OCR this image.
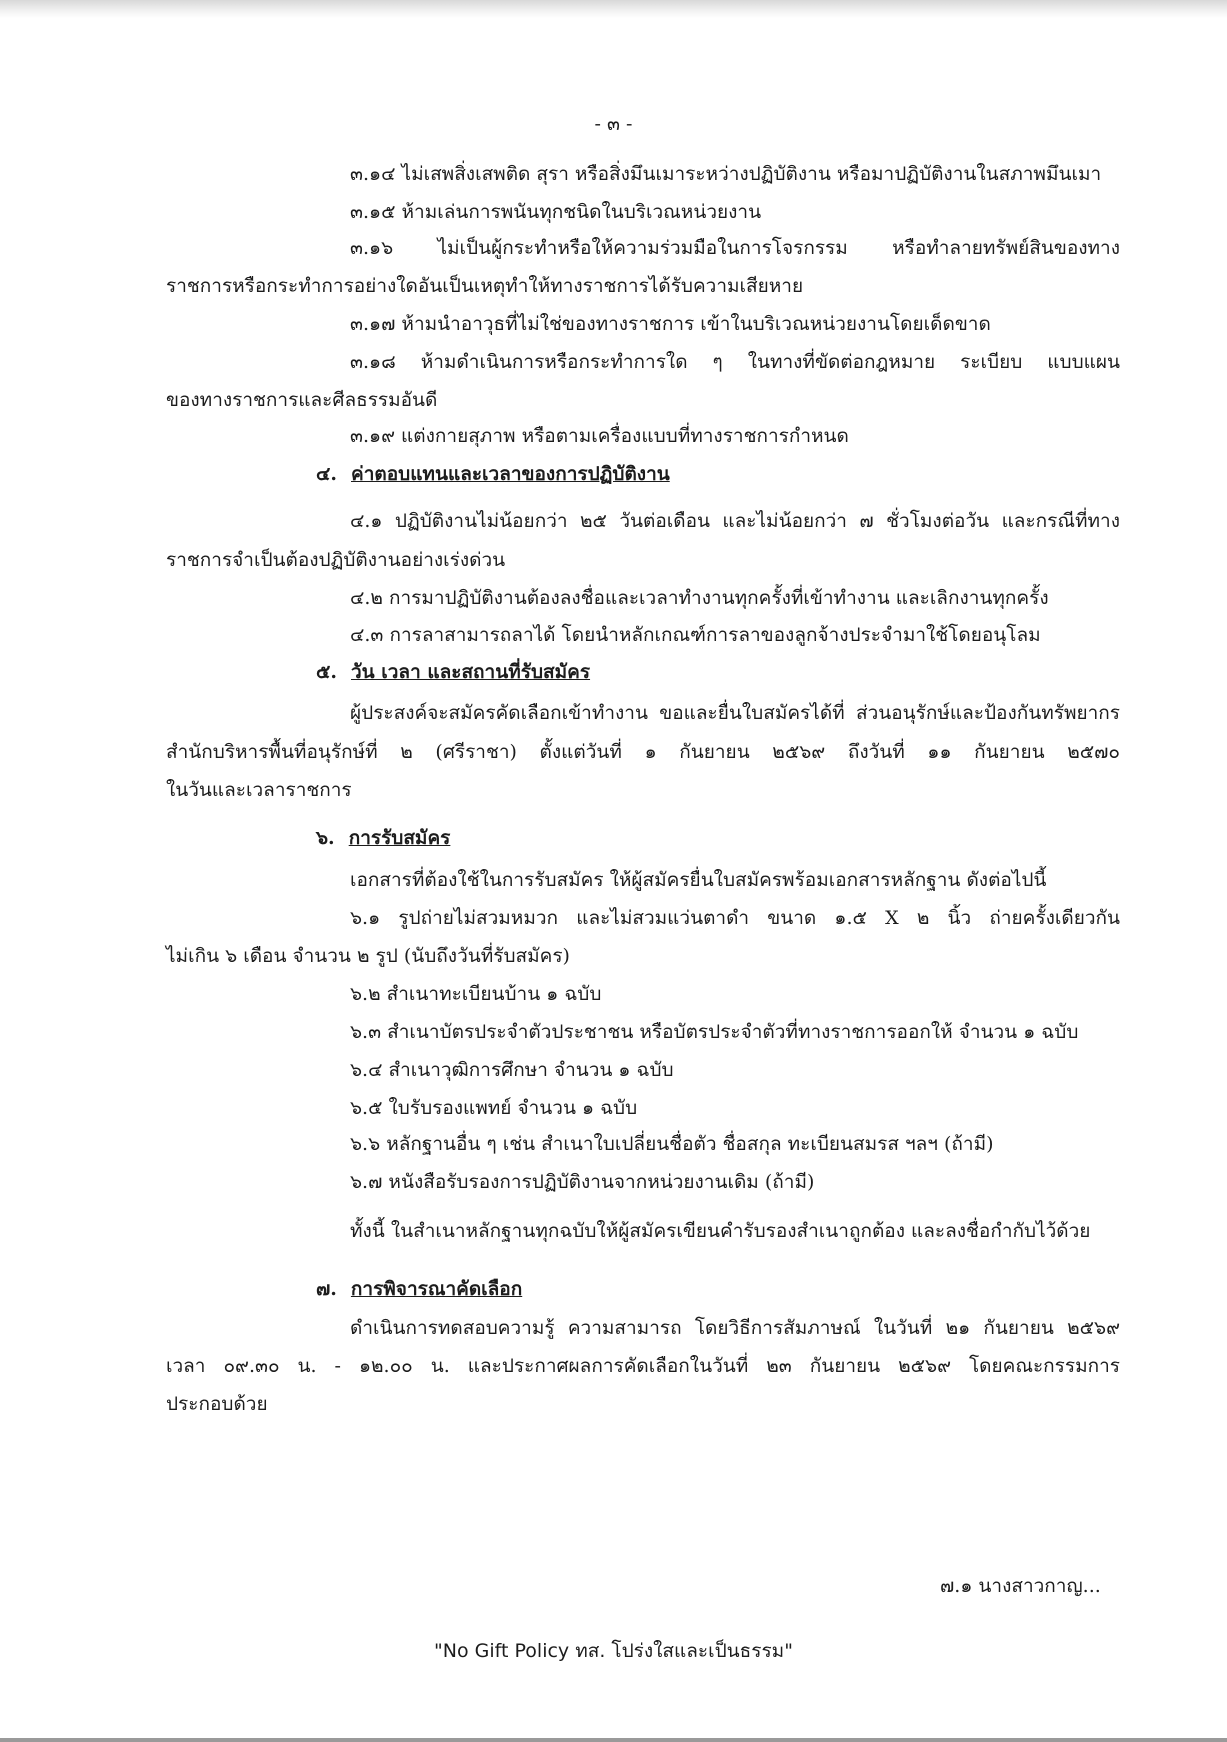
- ๓ -
๓.๑๔ ไม่เสพสิ่งเสพติด สุรา หรือสิ่งมึนเมาระหว่างปฏิบัติงาน หรือมาปฏิบัติงานในสภาพมึนเมา
๓.๑๕ ห้ามเล่นการพนันทุกชนิดในบริเวณหน่วยงาน
๓.๑๖ ไม่เป็นผู้กระทำหรือให้ความร่วมมือในการโจรกรรม หรือทำลายทรัพย์สินของทาง
ราชการหรือกระทำการอย่างใดอันเป็นเหตุทำให้ทางราชการได้รับความเสียหาย
๓.๑๗ ห้ามนำอาวุธที่ไม่ใช่ของทางราชการ เข้าในบริเวณหน่วยงานโดยเด็ดขาด
๓.๑๘ ห้ามดำเนินการหรือกระทำการใด ๆ ในทางที่ขัดต่อกฎหมาย ระเบียบ แบบแผน
ของทางราชการและศีลธรรมอันดี
๓.๑๙ แต่งกายสุภาพ หรือตามเครื่องแบบที่ทางราชการกำหนด
๔. ค่าตอบแทนและเวลาของการปฏิบัติงาน
๔.๑ ปฏิบัติงานไม่น้อยกว่า ๒๕ วันต่อเดือน และไม่น้อยกว่า ๗ ชั่วโมงต่อวัน และกรณีที่ทาง
ราชการจำเป็นต้องปฏิบัติงานอย่างเร่งด่วน
๔.๒ การมาปฏิบัติงานต้องลงชื่อและเวลาทำงานทุกครั้งที่เข้าทำงาน และเลิกงานทุกครั้ง
๔.๓ การลาสามารถลาได้ โดยนำหลักเกณฑ์การลาของลูกจ้างประจำมาใช้โดยอนุโลม
๕. วัน เวลา และสถานที่รับสมัคร
ผู้ประสงค์จะสมัครคัดเลือกเข้าทำงาน ขอและยื่นใบสมัครได้ที่ ส่วนอนุรักษ์และป้องกันทรัพยากร
สำนักบริหารพื้นที่อนุรักษ์ที่ ๒ (ศรีราชา) ตั้งแต่วันที่ ๑ กันยายน ๒๕๖๙ ถึงวันที่ ๑๑ กันยายน ๒๕๗๐
ในวันและเวลาราชการ
๖. การรับสมัคร
เอกสารที่ต้องใช้ในการรับสมัคร ให้ผู้สมัครยื่นใบสมัครพร้อมเอกสารหลักฐาน ดังต่อไปนี้
๖.๑ รูปถ่ายไม่สวมหมวก และไม่สวมแว่นตาดำ ขนาด ๑.๕ X ๒ นิ้ว ถ่ายครั้งเดียวกัน
ไม่เกิน ๖ เดือน จำนวน ๒ รูป (นับถึงวันที่รับสมัคร)
๖.๒ สำเนาทะเบียนบ้าน ๑ ฉบับ
๖.๓ สำเนาบัตรประจำตัวประชาชน หรือบัตรประจำตัวที่ทางราชการออกให้ จำนวน ๑ ฉบับ
๖.๔ สำเนาวุฒิการศึกษา จำนวน ๑ ฉบับ
๖.๕ ใบรับรองแพทย์ จำนวน ๑ ฉบับ
๖.๖ หลักฐานอื่น ๆ เช่น สำเนาใบเปลี่ยนชื่อตัว ชื่อสกุล ทะเบียนสมรส ฯลฯ (ถ้ามี)
๖.๗ หนังสือรับรองการปฏิบัติงานจากหน่วยงานเดิม (ถ้ามี)
ทั้งนี้ ในสำเนาหลักฐานทุกฉบับให้ผู้สมัครเขียนคำรับรองสำเนาถูกต้อง และลงชื่อกำกับไว้ด้วย
๗. การพิจารณาคัดเลือก
ดำเนินการทดสอบความรู้ ความสามารถ โดยวิธีการสัมภาษณ์ ในวันที่ ๒๑ กันยายน ๒๕๖๙
เวลา ๐๙.๓๐ น. - ๑๒.๐๐ น. และประกาศผลการคัดเลือกในวันที่ ๒๓ กันยายน ๒๕๖๙ โดยคณะกรรมการ
ประกอบด้วย
๗.๑ นางสาวกาญ...
"No Gift Policy ทส. โปร่งใสและเป็นธรรม"
